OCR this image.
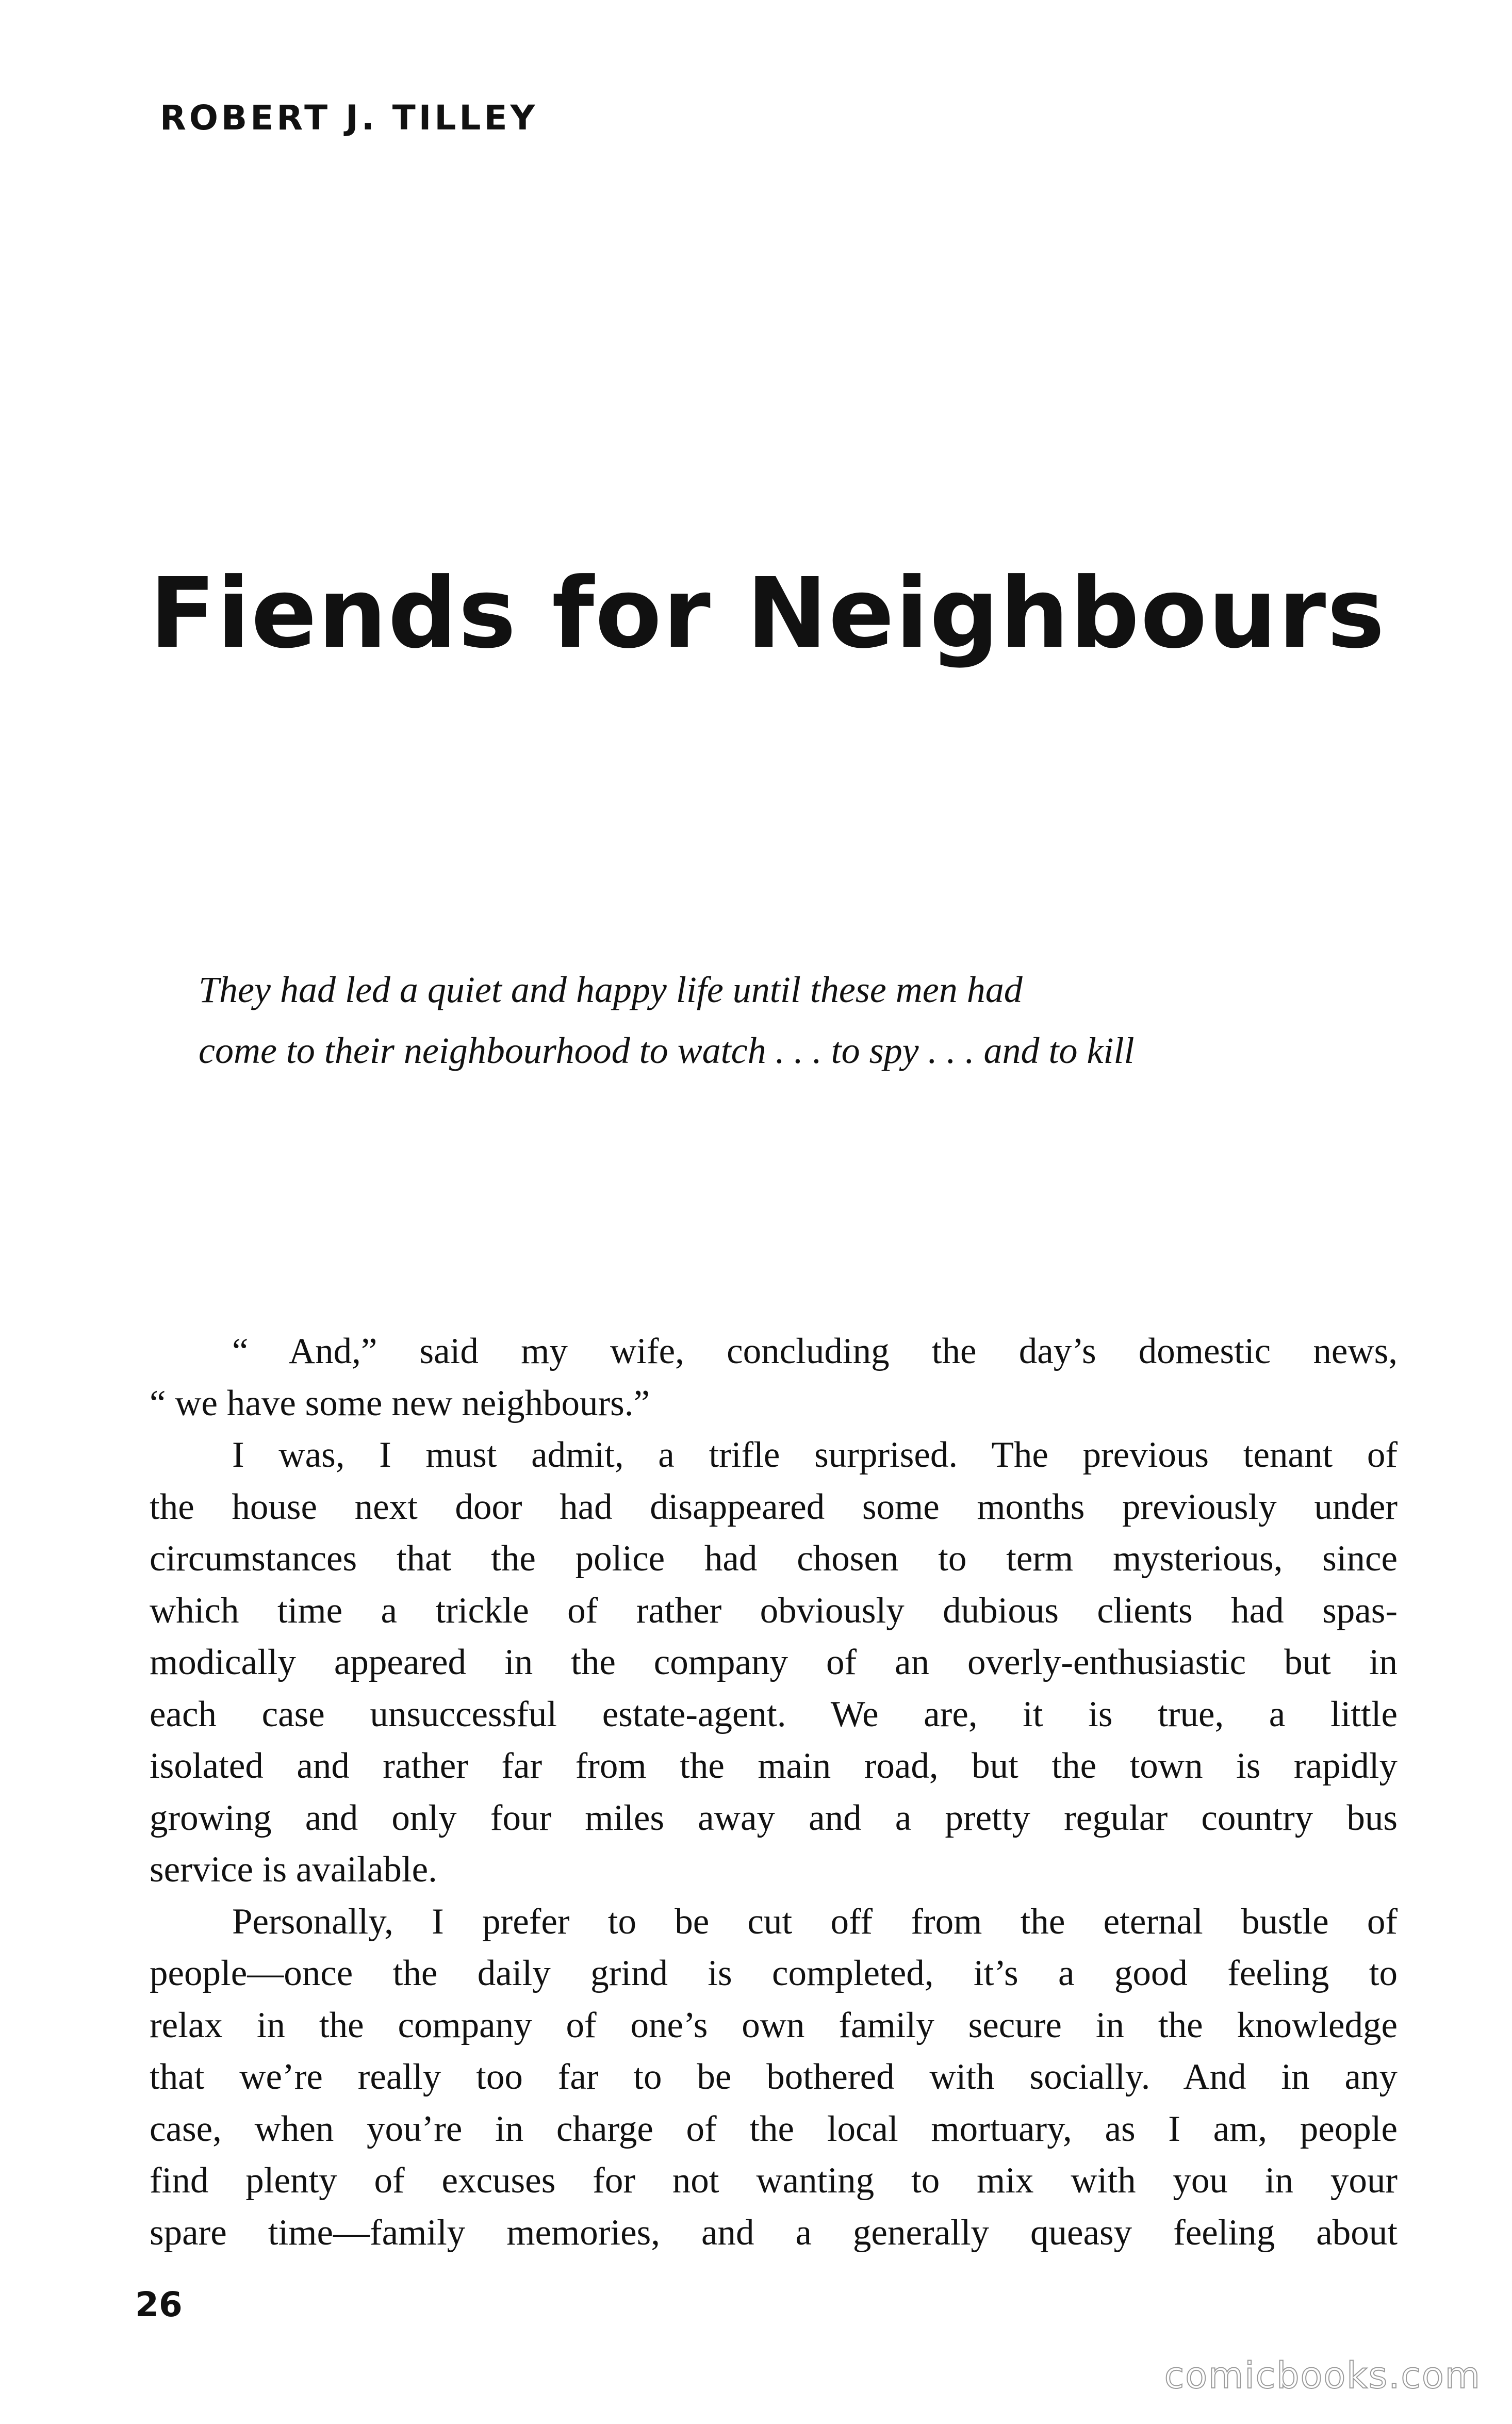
ROBERT J. TILLEY

Fiends for Neighbours
They had led a quiet and happy life until these men had
come to their neighbourhood to watch . . . to spy . . . and to kill
“ And,” said my wife, concluding the day’s domestic news,
“ we have some new neighbours.”
I was, I must admit, a trifle surprised. The previous tenant of
the house next door had disappeared some months previously under
circumstances that the police had chosen to term mysterious, since
which time a trickle of rather obviously dubious clients had spas-
modically appeared in the company of an overly-enthusiastic but in
each case unsuccessful estate-agent. We are, it is true, a little
isolated and rather far from the main road, but the town is rapidly
growing and only four miles away and a pretty regular country bus
service is available.
Personally, I prefer to be cut off from the eternal bustle of
people—once the daily grind is completed, it’s a good feeling to
relax in the company of one’s own family secure in the knowledge
that we’re really too far to be bothered with socially. And in any
case, when you’re in charge of the local mortuary, as I am, people
find plenty of excuses for not wanting to mix with you in your
spare time—family memories, and a generally queasy feeling about

26

comicbooks.com
